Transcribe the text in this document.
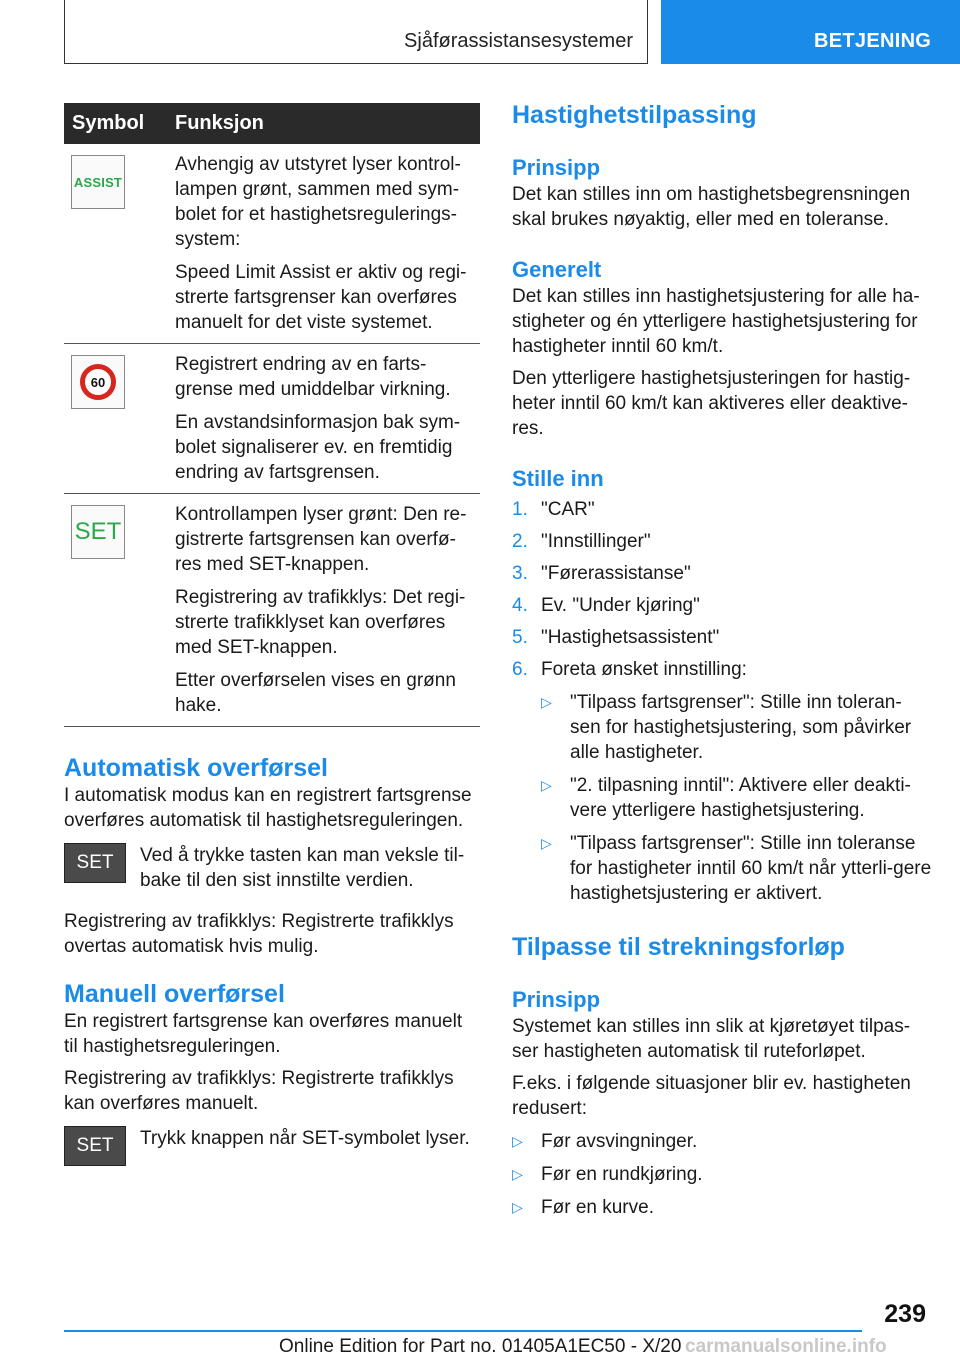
Sjåførassistansesystemer	BETJENING
Symbol	Funksjon

ASSIST	Avhengig av utstyret lyser kontrol-lampen grønt, sammen med sym-bolet for et hastighetsregulerings-system:

Speed Limit Assist er aktiv og regi-strerte fartsgrenser kan overføres manuelt for det viste systemet.

60	Registrert endring av en farts-grense med umiddelbar virkning.

En avstandsinformasjon bak sym-bolet signaliserer ev. en fremtidig endring av fartsgrensen.

SET	Kontrollampen lyser grønt: Den re-gistrerte fartsgrensen kan overfø-res med SET-knappen.

Registrering av trafikklys: Det regi-strerte trafikklyset kan overføres med SET-knappen.

Etter overførselen vises en grønn hake.

Automatisk overførsel

I automatisk modus kan en registrert fartsgrense overføres automatisk til hastighetsreguleringen.

SET	Ved å trykke tasten kan man veksle til-bake til den sist innstilte verdien.

Registrering av trafikklys: Registrerte trafikklys overtas automatisk hvis mulig.

Manuell overførsel

En registrert fartsgrense kan overføres manuelt til hastighetsreguleringen.

Registrering av trafikklys: Registrerte trafikklys kan overføres manuelt.

SET	Trykk knappen når SET-symbolet lyser.

Hastighetstilpassing
Prinsipp

Det kan stilles inn om hastighetsbegrensningen skal brukes nøyaktig, eller med en toleranse.

Generelt

Det kan stilles inn hastighetsjustering for alle ha-stigheter og én ytterligere hastighetsjustering for hastigheter inntil 60 km/t.

Den ytterligere hastighetsjusteringen for hastig-heter inntil 60 km/t kan aktiveres eller deaktive-res.

Stille inn
1. "CAR"
2. "Innstillinger"
3. "Førerassistanse"
4. Ev. "Under kjøring"
5. "Hastighetsassistent"
6. Foreta ønsket innstilling:
▷ "Tilpass fartsgrenser": Stille inn toleran-sen for hastighetsjustering, som påvirker alle hastigheter.
▷ "2. tilpasning inntil": Aktivere eller deakti-vere ytterligere hastighetsjustering.
▷ "Tilpass fartsgrenser": Stille inn toleranse for hastigheter inntil 60 km/t når ytterli-gere hastighetsjustering er aktivert.
Tilpasse til strekningsforløp
Prinsipp

Systemet kan stilles inn slik at kjøretøyet tilpas-ser hastigheten automatisk til ruteforløpet.

F.eks. i følgende situasjoner blir ev. hastigheten redusert:

▷ Før avsvingninger.
▷ Før en rundkjøring.
▷ Før en kurve.
239
Online Edition for Part no. 01405A1EC50 - X/20 carmanualsonline.info
